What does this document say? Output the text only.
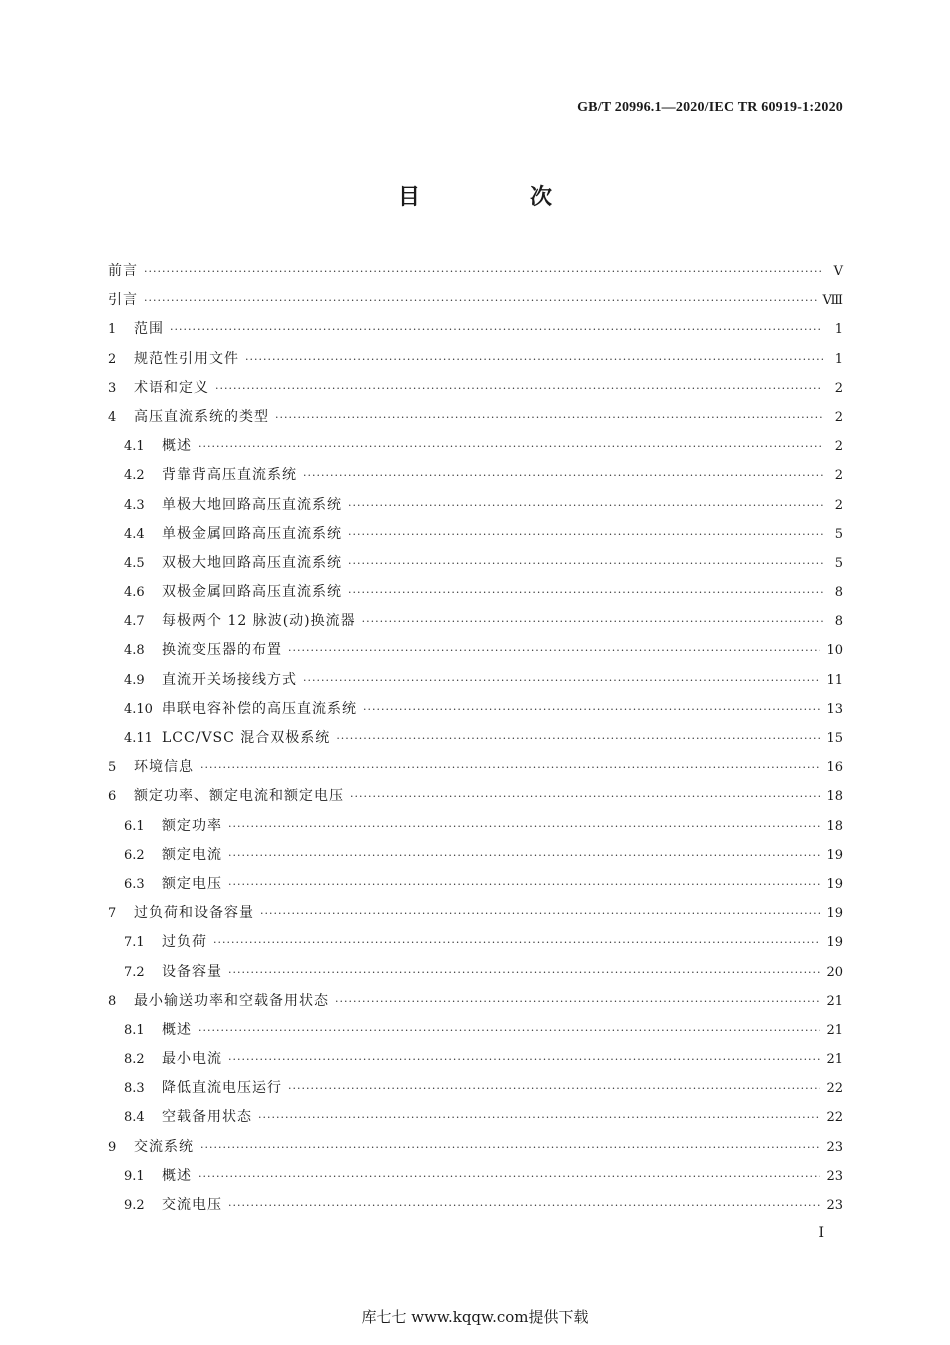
GB/T 20996.1—2020/IEC TR 60919-1:2020
目　次
前言 ·····	Ⅴ
引言 ·····	Ⅷ
1	范围 ·····	1
2	规范性引用文件 ·····	1
3	术语和定义 ·····	2
4	高压直流系统的类型 ·····	2
4.1	概述 ·····	2
4.2	背靠背高压直流系统 ·····	2
4.3	单极大地回路高压直流系统 ·····	2
4.4	单极金属回路高压直流系统 ·····	5
4.5	双极大地回路高压直流系统 ·····	5
4.6	双极金属回路高压直流系统 ·····	8
4.7	每极两个 12 脉波(动)换流器 ·····	8
4.8	换流变压器的布置 ·····	10
4.9	直流开关场接线方式 ·····	11
4.10 串联电容补偿的高压直流系统 ·····	13
4.11 LCC/VSC 混合双极系统 ·····	15
5	环境信息 ·····	16
6	额定功率、额定电流和额定电压 ·····	18
6.1	额定功率 ·····	18
6.2	额定电流 ·····	19
6.3	额定电压 ·····	19
7	过负荷和设备容量 ·····	19
7.1	过负荷 ·····	19
7.2	设备容量 ·····	20
8	最小输送功率和空载备用状态 ·····	21
8.1	概述 ·····	21
8.2	最小电流 ·····	21
8.3	降低直流电压运行 ·····	22
8.4	空载备用状态 ·····	22
9	交流系统 ·····	23
9.1	概述 ·····	23
9.2	交流电压 ·····	23
Ⅰ
库七七 www.kqqw.com提供下载
